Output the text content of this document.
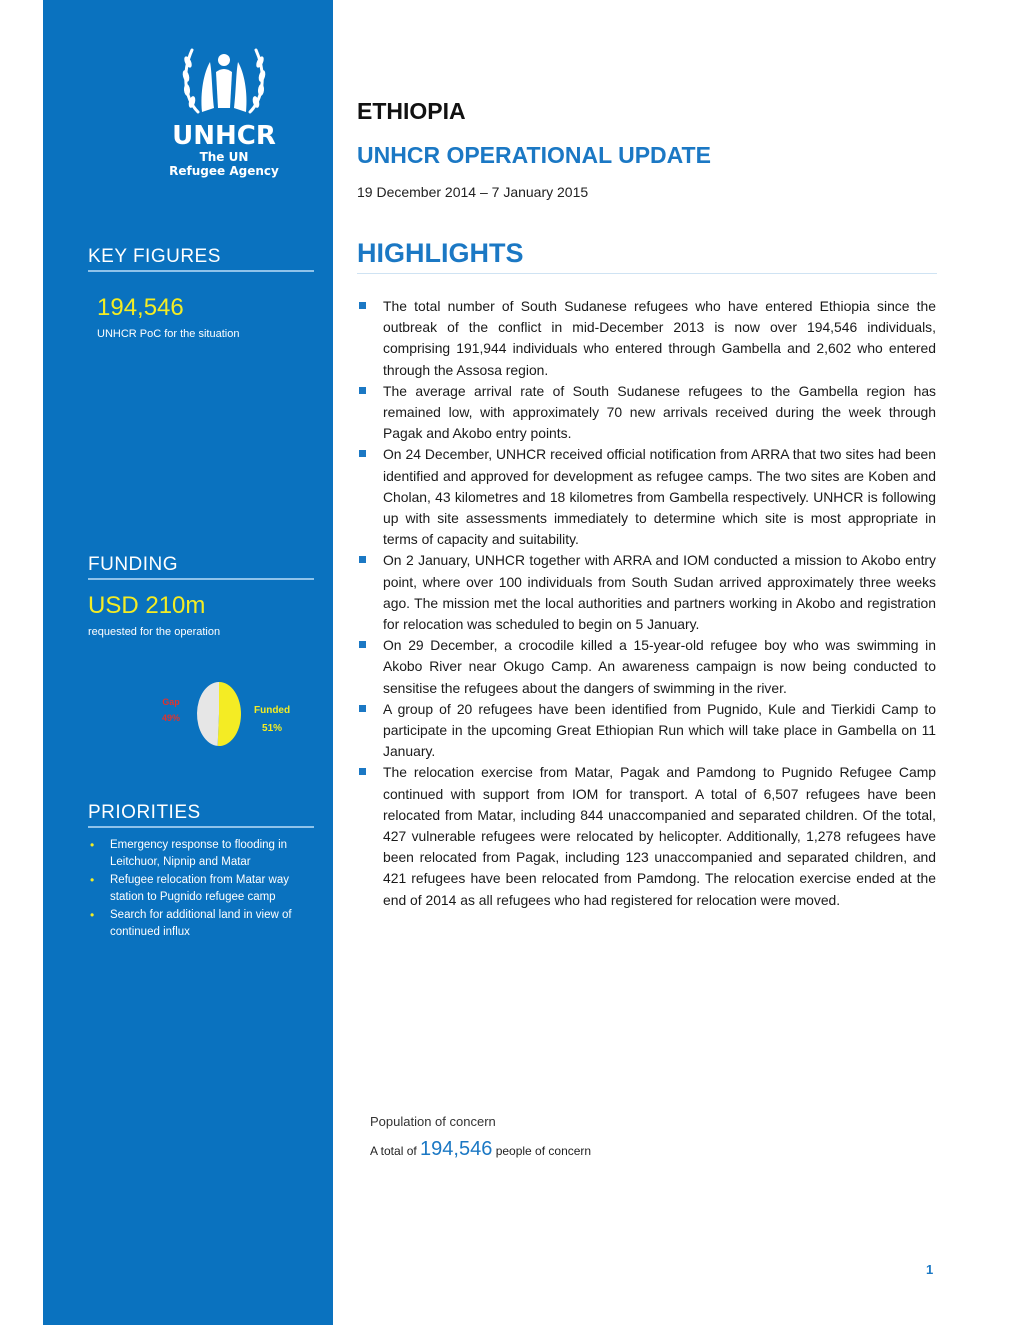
UNHCR
The UN
Refugee Agency
KEY FIGURES
194,546
UNHCR PoC for the situation
FUNDING
USD 210m
requested for the operation
Gap
49%
Funded
51%
PRIORITIES
• Emergency response to flooding in Leitchuor, Nipnip and Matar
• Refugee relocation from Matar way station to Pugnido refugee camp
• Search for additional land in view of continued influx
ETHIOPIA
UNHCR OPERATIONAL UPDATE
19 December 2014 – 7 January 2015
HIGHLIGHTS
The total number of South Sudanese refugees who have entered Ethiopia since the outbreak of the conflict in mid-December 2013 is now over 194,546 individuals, comprising 191,944 individuals who entered through Gambella and 2,602 who entered through the Assosa region.
The average arrival rate of South Sudanese refugees to the Gambella region has remained low, with approximately 70 new arrivals received during the week through Pagak and Akobo entry points.
On 24 December, UNHCR received official notification from ARRA that two sites had been identified and approved for development as refugee camps. The two sites are Koben and Cholan, 43 kilometres and 18 kilometres from Gambella respectively. UNHCR is following up with site assessments immediately to determine which site is most appropriate in terms of capacity and suitability.
On 2 January, UNHCR together with ARRA and IOM conducted a mission to Akobo entry point, where over 100 individuals from South Sudan arrived approximately three weeks ago. The mission met the local authorities and partners working in Akobo and registration for relocation was scheduled to begin on 5 January.
On 29 December, a crocodile killed a 15-year-old refugee boy who was swimming in Akobo River near Okugo Camp. An awareness campaign is now being conducted to sensitise the refugees about the dangers of swimming in the river.
A group of 20 refugees have been identified from Pugnido, Kule and Tierkidi Camp to participate in the upcoming Great Ethiopian Run which will take place in Gambella on 11 January.
The relocation exercise from Matar, Pagak and Pamdong to Pugnido Refugee Camp continued with support from IOM for transport. A total of 6,507 refugees have been relocated from Matar, including 844 unaccompanied and separated children. Of the total, 427 vulnerable refugees were relocated by helicopter. Additionally, 1,278 refugees have been relocated from Pagak, including 123 unaccompanied and separated children, and 421 refugees have been relocated from Pamdong. The relocation exercise ended at the end of 2014 as all refugees who had registered for relocation were moved.
Population of concern
A total of 194,546 people of concern
1
